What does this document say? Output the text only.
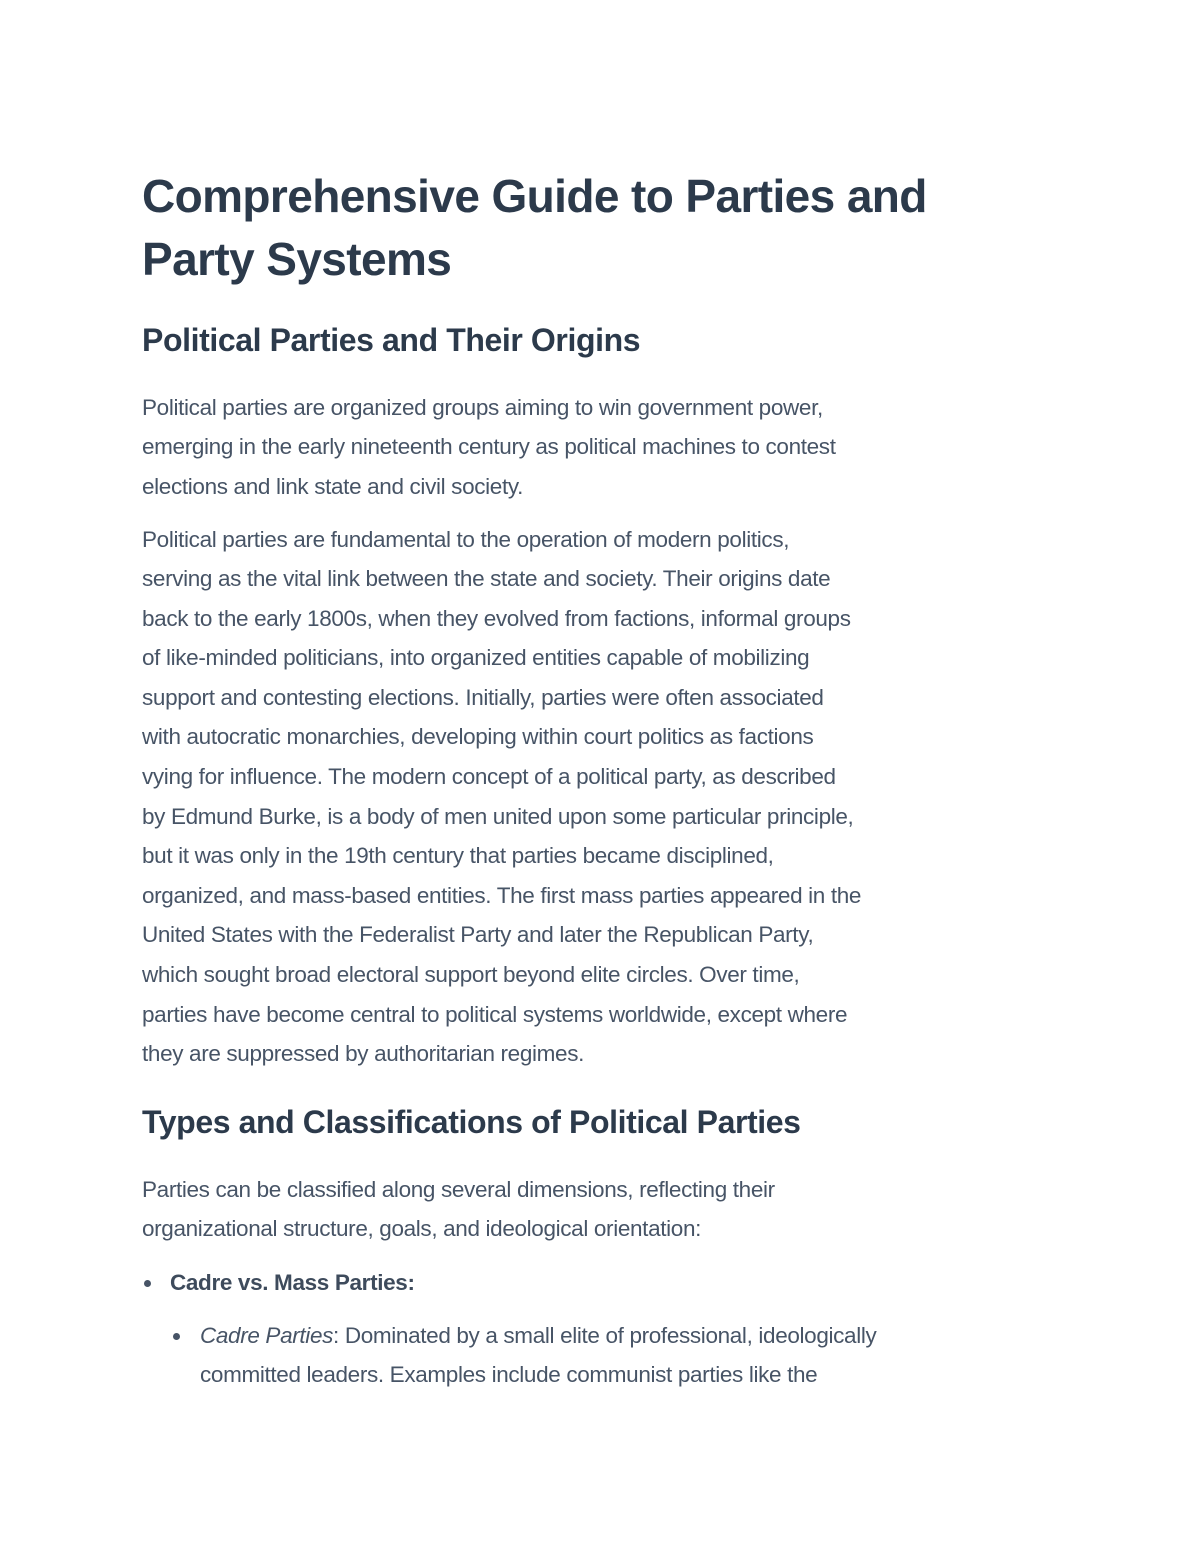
Comprehensive Guide to Parties and
Party Systems
Political Parties and Their Origins
Political parties are organized groups aiming to win government power,
emerging in the early nineteenth century as political machines to contest
elections and link state and civil society.
Political parties are fundamental to the operation of modern politics,
serving as the vital link between the state and society. Their origins date
back to the early 1800s, when they evolved from factions, informal groups
of like-minded politicians, into organized entities capable of mobilizing
support and contesting elections. Initially, parties were often associated
with autocratic monarchies, developing within court politics as factions
vying for influence. The modern concept of a political party, as described
by Edmund Burke, is a body of men united upon some particular principle,
but it was only in the 19th century that parties became disciplined,
organized, and mass-based entities. The first mass parties appeared in the
United States with the Federalist Party and later the Republican Party,
which sought broad electoral support beyond elite circles. Over time,
parties have become central to political systems worldwide, except where
they are suppressed by authoritarian regimes.
Types and Classifications of Political Parties
Parties can be classified along several dimensions, reflecting their
organizational structure, goals, and ideological orientation:
Cadre vs. Mass Parties:
Cadre Parties: Dominated by a small elite of professional, ideologically
committed leaders. Examples include communist parties like the
